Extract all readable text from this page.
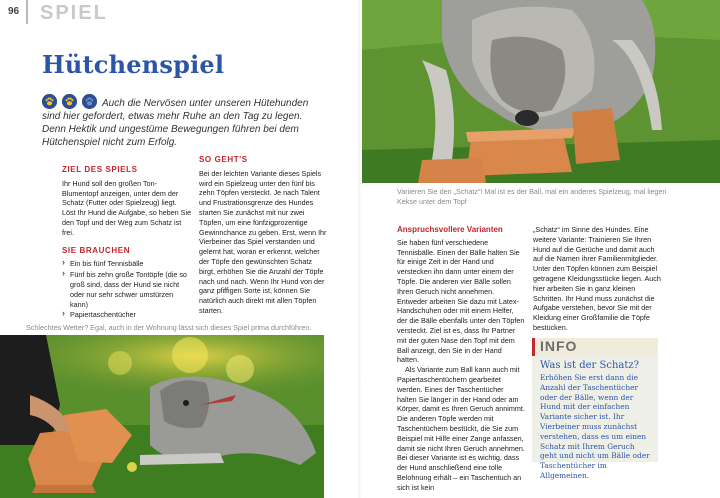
96 SPIEL
Hütchenspiel

Auch die Nervösen unter unseren Hütehunden sind hier gefordert, etwas mehr Ruhe an den Tag zu legen. Denn Hektik und ungestüme Bewegungen führen bei dem Hütchenspiel nicht zum Erfolg.

ZIEL DES SPIELS

Ihr Hund soll den großen Ton-Blumentopf anzeigen, unter dem der Schatz (Futter oder Spielzeug) liegt. Löst Ihr Hund die Aufgabe, so heben Sie den Topf und der Weg zum Schatz ist frei.

SIE BRAUCHEN
› Ein bis fünf Tennisbälle
› Fünf bis zehn große Tontöpfe (die so groß sind, dass der Hund sie nicht oder nur sehr schwer umstürzen kann)
› Papiertaschentücher
SO GEHT'S

Bei der leichten Variante dieses Spiels wird ein Spielzeug unter den fünf bis zehn Töpfen versteckt. Je nach Talent und Frustrationsgrenze des Hundes starten Sie zunächst mit nur zwei Töpfen, um eine fünfzigprozentige Gewinnchance zu geben. Erst, wenn Ihr Vierbeiner das Spiel verstanden und gelernt hat, woran er erkennt, welcher der Töpfe den gewünschten Schatz birgt, erhöhen Sie die Anzahl der Töpfe nach und nach. Wenn Ihr Hund von der ganz pfiffigen Sorte ist, können Sie natürlich auch direkt mit allen Töpfen starten.

Schlechtes Wetter? Egal, auch in der Wohnung lässt sich dieses Spiel prima durchführen.
Variieren Sie den „Schatz“! Mal ist es der Ball, mal ein anderes Spielzeug, mal liegen Kekse unter dem Topf
Anspruchsvollere Varianten

Sie haben fünf verschiedene Tennisbälle. Einen der Bälle halten Sie für einige Zeit in der Hand und verstecken ihn dann unter einem der Töpfe. Die anderen vier Bälle sollen Ihren Geruch nicht annehmen. Entweder arbeiten Sie dazu mit Latex-Handschuhen oder mit einem Helfer, der die Bälle ebenfalls unter den Töpfen versteckt. Ziel ist es, dass Ihr Partner mit der guten Nase den Topf mit dem Ball anzeigt, den Sie in der Hand hatten.

Als Variante zum Ball kann auch mit Papiertaschentüchern gearbeitet werden. Eines der Taschentücher halten Sie länger in der Hand oder am Körper, damit es Ihren Geruch annimmt. Die anderen Töpfe werden mit Taschentüchern bestückt, die Sie zum Beispiel mit Hilfe einer Zange anfassen, damit sie nicht Ihren Geruch annehmen. Bei dieser Variante ist es wichtig, dass der Hund anschließend eine tolle Belohnung erhält – ein Taschentuch an sich ist kein

„Schatz“ im Sinne des Hundes. Eine weitere Variante: Trainieren Sie Ihren Hund auf die Gerüche und damit auch auf die Namen ihrer Familienmitglieder. Unter den Töpfen können zum Beispiel getragene Kleidungsstücke liegen. Auch hier arbeiten Sie in ganz kleinen Schritten. Ihr Hund muss zunächst die Aufgabe verstehen, bevor Sie mit der Kleidung einer Großfamilie die Töpfe bestücken.

INFO
Was ist der Schatz?
Erhöhen Sie erst dann die Anzahl der Taschentücher oder der Bälle, wenn der Hund mit der einfachen Variante sicher ist. Ihr Vierbeiner muss zunächst verstehen, dass es um einen Schatz mit Ihrem Geruch geht und nicht um Bälle oder Taschentücher im Allgemeinen.
